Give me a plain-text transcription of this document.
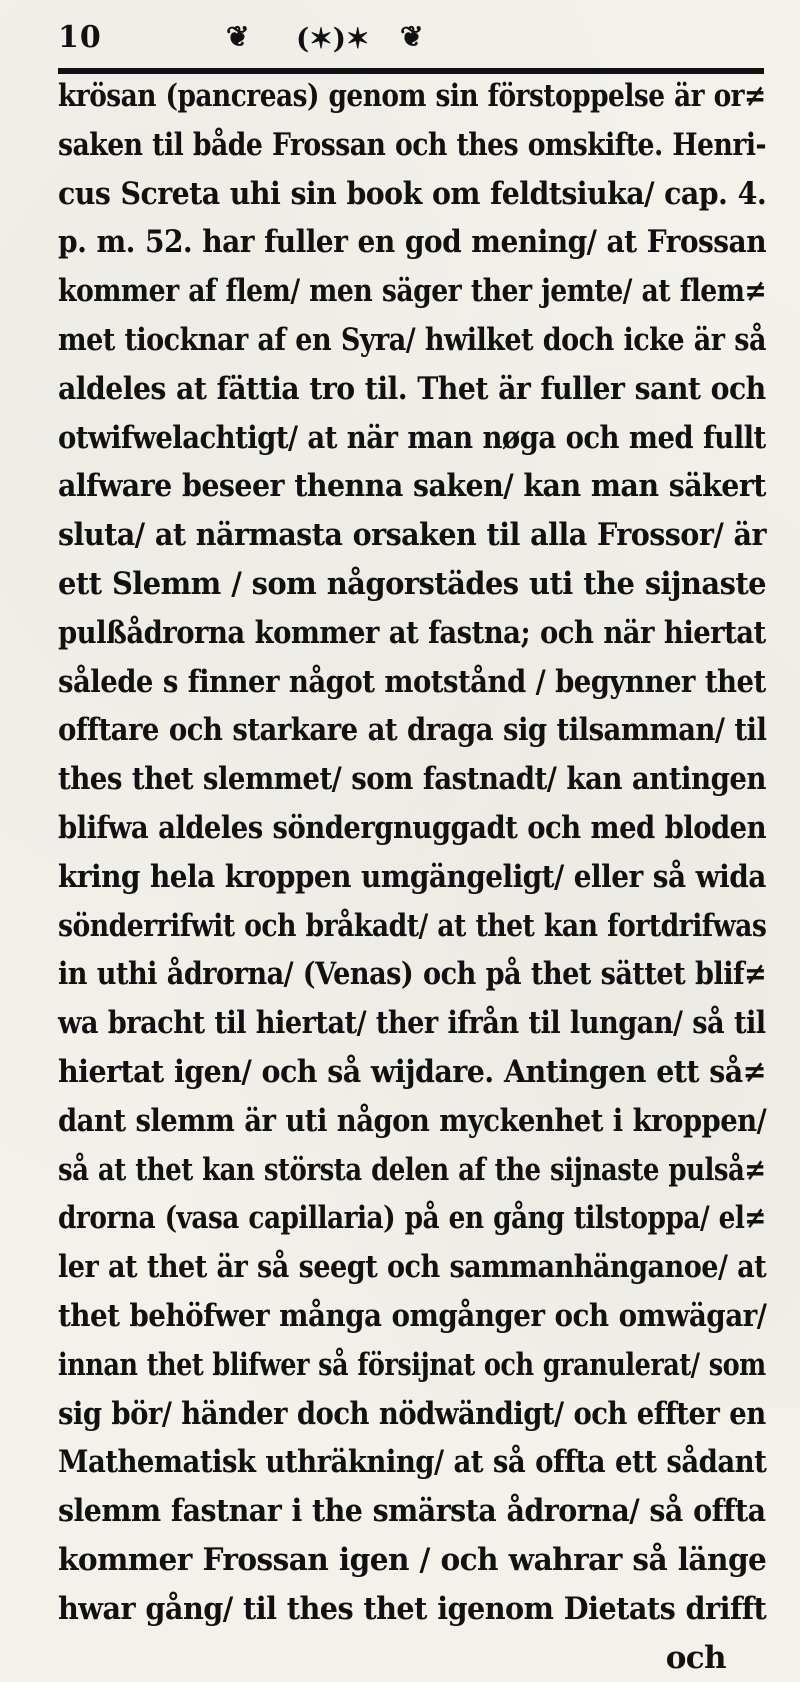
10	❦ (✶)✶ ❦
krösan (pancreas) genom sin förstoppelse är or≠
saken til både Frossan och thes omskifte. Henri-
cus Screta uhi sin book om feldtsiuka/ cap. 4.
p. m. 52. har fuller en god mening/ at Frossan
kommer af flem/ men säger ther jemte/ at flem≠
met tiocknar af en Syra/ hwilket doch icke är så
aldeles at fättia tro til. Thet är fuller sant och
otwifwelachtigt/ at när man nøga och med fullt
alfware beseer thenna saken/ kan man säkert
sluta/ at närmasta orsaken til alla Frossor/ är
ett Slemm / som någorstädes uti the sijnaste
pulßådrorna kommer at fastna; och när hiertat
sålede s finner något motstånd / begynner thet
offtare och starkare at draga sig tilsamman/ til
thes thet slemmet/ som fastnadt/ kan antingen
blifwa aldeles söndergnuggadt och med bloden
kring hela kroppen umgängeligt/ eller så wida
sönderrifwit och bråkadt/ at thet kan fortdrifwas
in uthi ådrorna/ (Venas) och på thet sättet blif≠
wa bracht til hiertat/ ther ifrån til lungan/ så til
hiertat igen/ och så wijdare. Antingen ett så≠
dant slemm är uti någon myckenhet i kroppen/
så at thet kan största delen af the sijnaste pulså≠
drorna (vasa capillaria) på en gång tilstoppa/ el≠
ler at thet är så seegt och sammanhänganoe/ at
thet behöfwer många omgånger och omwägar/
innan thet blifwer så försijnat och granulerat/ som
sig bör/ händer doch nödwändigt/ och effter en
Mathematisk uthräkning/ at så offta ett sådant
slemm fastnar i the smärsta ådrorna/ så offta
kommer Frossan igen / och wahrar så länge
hwar gång/ til thes thet igenom Dietats drifft
och
